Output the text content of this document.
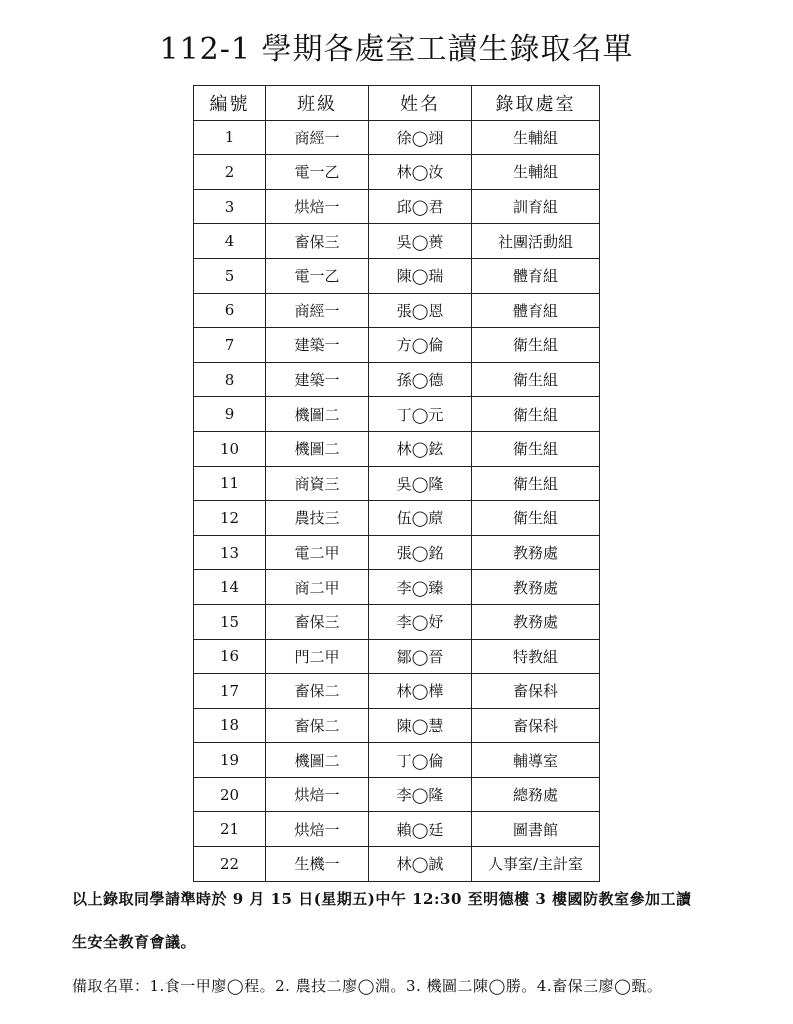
112-1 學期各處室工讀生錄取名單
編號	班級	姓名	錄取處室
1	商經一	徐◯翊	生輔組
2	電一乙	林◯汝	生輔組
3	烘焙一	邱◯君	訓育組
4	畜保三	吳◯蒉	社團活動組
5	電一乙	陳◯瑞	體育組
6	商經一	張◯恩	體育組
7	建築一	方◯倫	衛生組
8	建築一	孫◯德	衛生組
9	機圖二	丁◯元	衛生組
10	機圖二	林◯鉉	衛生組
11	商資三	吳◯隆	衛生組
12	農技三	伍◯蒝	衛生組
13	電二甲	張◯銘	教務處
14	商二甲	李◯臻	教務處
15	畜保三	李◯妤	教務處
16	門二甲	鄒◯晉	特教組
17	畜保二	林◯樺	畜保科
18	畜保二	陳◯慧	畜保科
19	機圖二	丁◯倫	輔導室
20	烘焙一	李◯隆	總務處
21	烘焙一	賴◯廷	圖書館
22	生機一	林◯誠	人事室/主計室
以上錄取同學請準時於 9 月 15 日(星期五)中午 12:30 至明德樓 3 樓國防教室參加工讀
生安全教育會議。
備取名單：1.食一甲廖◯程。2. 農技二廖◯淵。3. 機圖二陳◯勝。4.畜保三廖◯甄。
